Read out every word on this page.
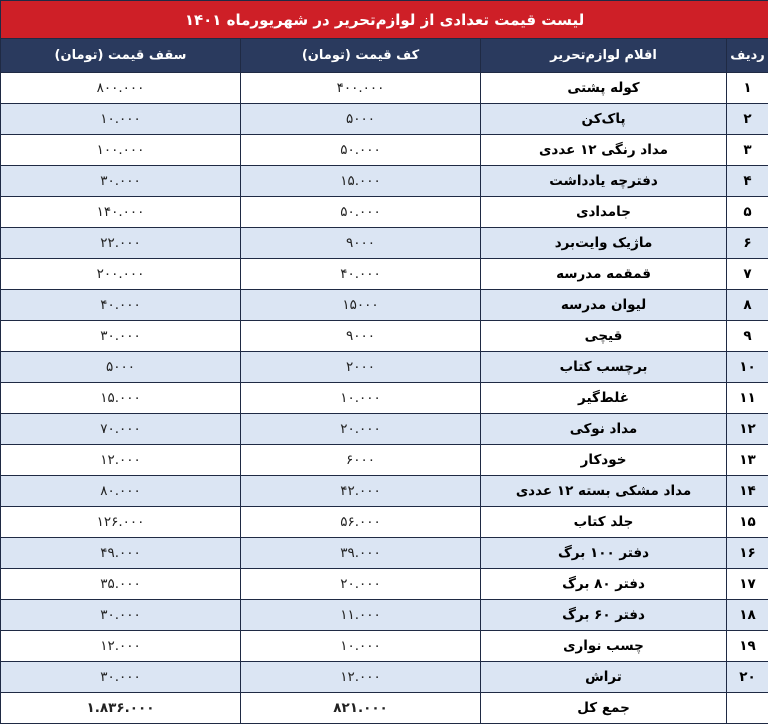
لیست قیمت تعدادی از لوازم‌تحریر در شهریورماه ۱۴۰۱			
ردیف	اقلام لوازم‌تحریر	کف قیمت (تومان)	سقف قیمت (تومان)
۱	کوله پشتی	۴۰۰.۰۰۰	۸۰۰.۰۰۰
۲	پاک‌کن	۵۰۰۰	۱۰.۰۰۰
۳	مداد رنگی ۱۲ عددی	۵۰.۰۰۰	۱۰۰.۰۰۰
۴	دفترچه یادداشت	۱۵.۰۰۰	۳۰.۰۰۰
۵	جامدادی	۵۰.۰۰۰	۱۴۰.۰۰۰
۶	ماژیک وایت‌برد	۹۰۰۰	۲۲.۰۰۰
۷	قمقمه مدرسه	۴۰.۰۰۰	۲۰۰.۰۰۰
۸	لیوان مدرسه	۱۵۰۰۰	۴۰.۰۰۰
۹	قیچی	۹۰۰۰	۳۰.۰۰۰
۱۰	برچسب کتاب	۲۰۰۰	۵۰۰۰
۱۱	غلط‌گیر	۱۰.۰۰۰	۱۵.۰۰۰
۱۲	مداد نوکی	۲۰.۰۰۰	۷۰.۰۰۰
۱۳	خودکار	۶۰۰۰	۱۲.۰۰۰
۱۴	مداد مشکی بسته ۱۲ عددی	۴۲.۰۰۰	۸۰.۰۰۰
۱۵	جلد کتاب	۵۶.۰۰۰	۱۲۶.۰۰۰
۱۶	دفتر ۱۰۰ برگ	۳۹.۰۰۰	۴۹.۰۰۰
۱۷	دفتر ۸۰ برگ	۲۰.۰۰۰	۳۵.۰۰۰
۱۸	دفتر ۶۰ برگ	۱۱.۰۰۰	۳۰.۰۰۰
۱۹	چسب نواری	۱۰.۰۰۰	۱۲.۰۰۰
۲۰	تراش	۱۲.۰۰۰	۳۰.۰۰۰
	جمع کل	۸۲۱.۰۰۰	۱.۸۳۶.۰۰۰
